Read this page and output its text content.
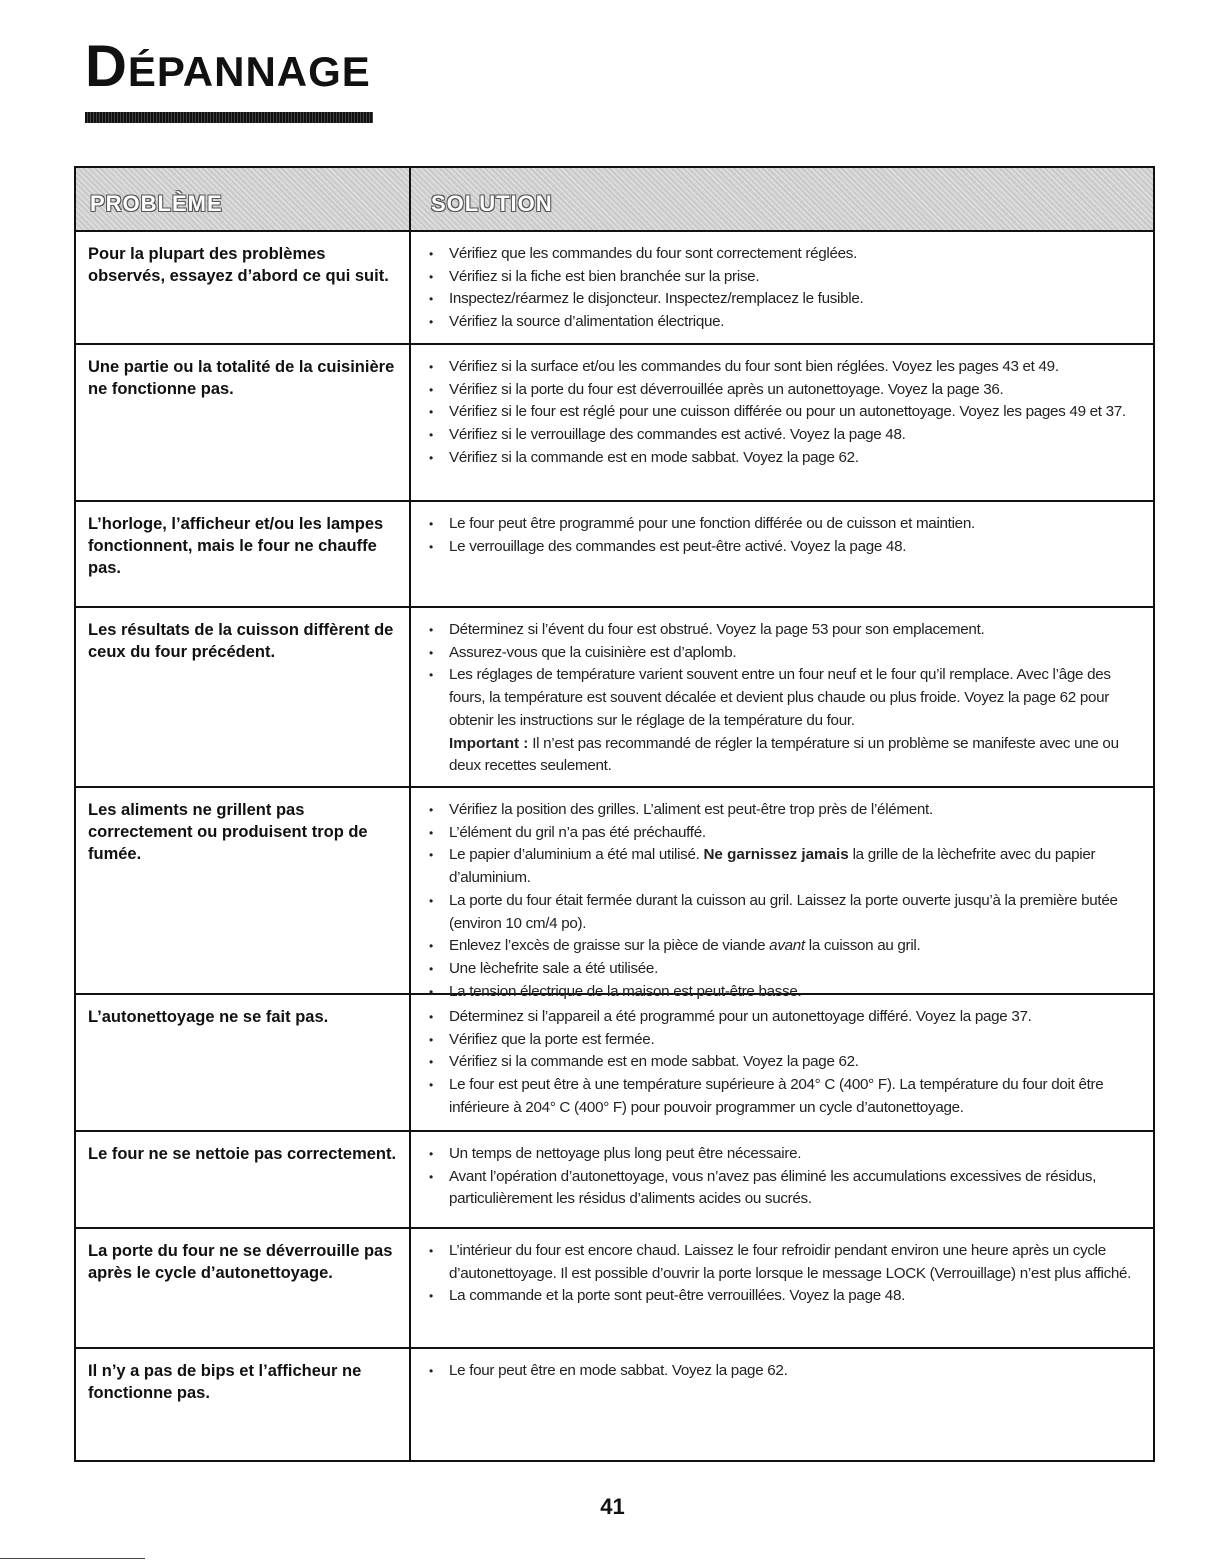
DÉPANNAGE
PROBLÈME	SOLUTION
Pour la plupart des problèmes observés, essayez d’abord ce qui suit.
• Vérifiez que les commandes du four sont correctement réglées.
• Vérifiez si la fiche est bien branchée sur la prise.
• Inspectez/réarmez le disjoncteur. Inspectez/remplacez le fusible.
• Vérifiez la source d’alimentation électrique.
Une partie ou la totalité de la cuisinière ne fonctionne pas.
• Vérifiez si la surface et/ou les commandes du four sont bien réglées. Voyez les pages 43 et 49.
• Vérifiez si la porte du four est déverrouillée après un autonettoyage. Voyez la page 36.
• Vérifiez si le four est réglé pour une cuisson différée ou pour un autonettoyage. Voyez les pages 49 et 37.
• Vérifiez si le verrouillage des commandes est activé. Voyez la page 48.
• Vérifiez si la commande est en mode sabbat. Voyez la page 62.
L’horloge, l’afficheur et/ou les lampes fonctionnent, mais le four ne chauffe pas.
• Le four peut être programmé pour une fonction différée ou de cuisson et maintien.
• Le verrouillage des commandes est peut-être activé. Voyez la page 48.
Les résultats de la cuisson diffèrent de ceux du four précédent.
• Déterminez si l’évent du four est obstrué. Voyez la page 53 pour son emplacement.
• Assurez-vous que la cuisinière est d’aplomb.
• Les réglages de température varient souvent entre un four neuf et le four qu’il remplace. Avec l’âge des fours, la température est souvent décalée et devient plus chaude ou plus froide. Voyez la page 62 pour obtenir les instructions sur le réglage de la température du four.
Important : Il n’est pas recommandé de régler la température si un problème se manifeste avec une ou deux recettes seulement.
Les aliments ne grillent pas correctement ou produisent trop de fumée.
• Vérifiez la position des grilles. L’aliment est peut-être trop près de l’élément.
• L’élément du gril n’a pas été préchauffé.
• Le papier d’aluminium a été mal utilisé. Ne garnissez jamais la grille de la lèchefrite avec du papier d’aluminium.
• La porte du four était fermée durant la cuisson au gril. Laissez la porte ouverte jusqu’à la première butée (environ 10 cm/4 po).
• Enlevez l’excès de graisse sur la pièce de viande avant la cuisson au gril.
• Une lèchefrite sale a été utilisée.
• La tension électrique de la maison est peut-être basse.
L’autonettoyage ne se fait pas.	• Déterminez si l’appareil a été programmé pour un autonettoyage différé. Voyez la page 37.
• Vérifiez que la porte est fermée.
• Vérifiez si la commande est en mode sabbat. Voyez la page 62.
• Le four est peut être à une température supérieure à 204° C (400° F). La température du four doit être inférieure à 204° C (400° F) pour pouvoir programmer un cycle d’autonettoyage.
Le four ne se nettoie pas correctement.	• Un temps de nettoyage plus long peut être nécessaire.
• Avant l’opération d’autonettoyage, vous n’avez pas éliminé les accumulations excessives de résidus, particulièrement les résidus d’aliments acides ou sucrés.
La porte du four ne se déverrouille pas après le cycle d’autonettoyage.
• L’intérieur du four est encore chaud. Laissez le four refroidir pendant environ une heure après un cycle d’autonettoyage. Il est possible d’ouvrir la porte lorsque le message LOCK (Verrouillage) n’est plus affiché.
• La commande et la porte sont peut-être verrouillées. Voyez la page 48.
Il n’y a pas de bips et l’afficheur ne fonctionne pas.
• Le four peut être en mode sabbat. Voyez la page 62.
41
